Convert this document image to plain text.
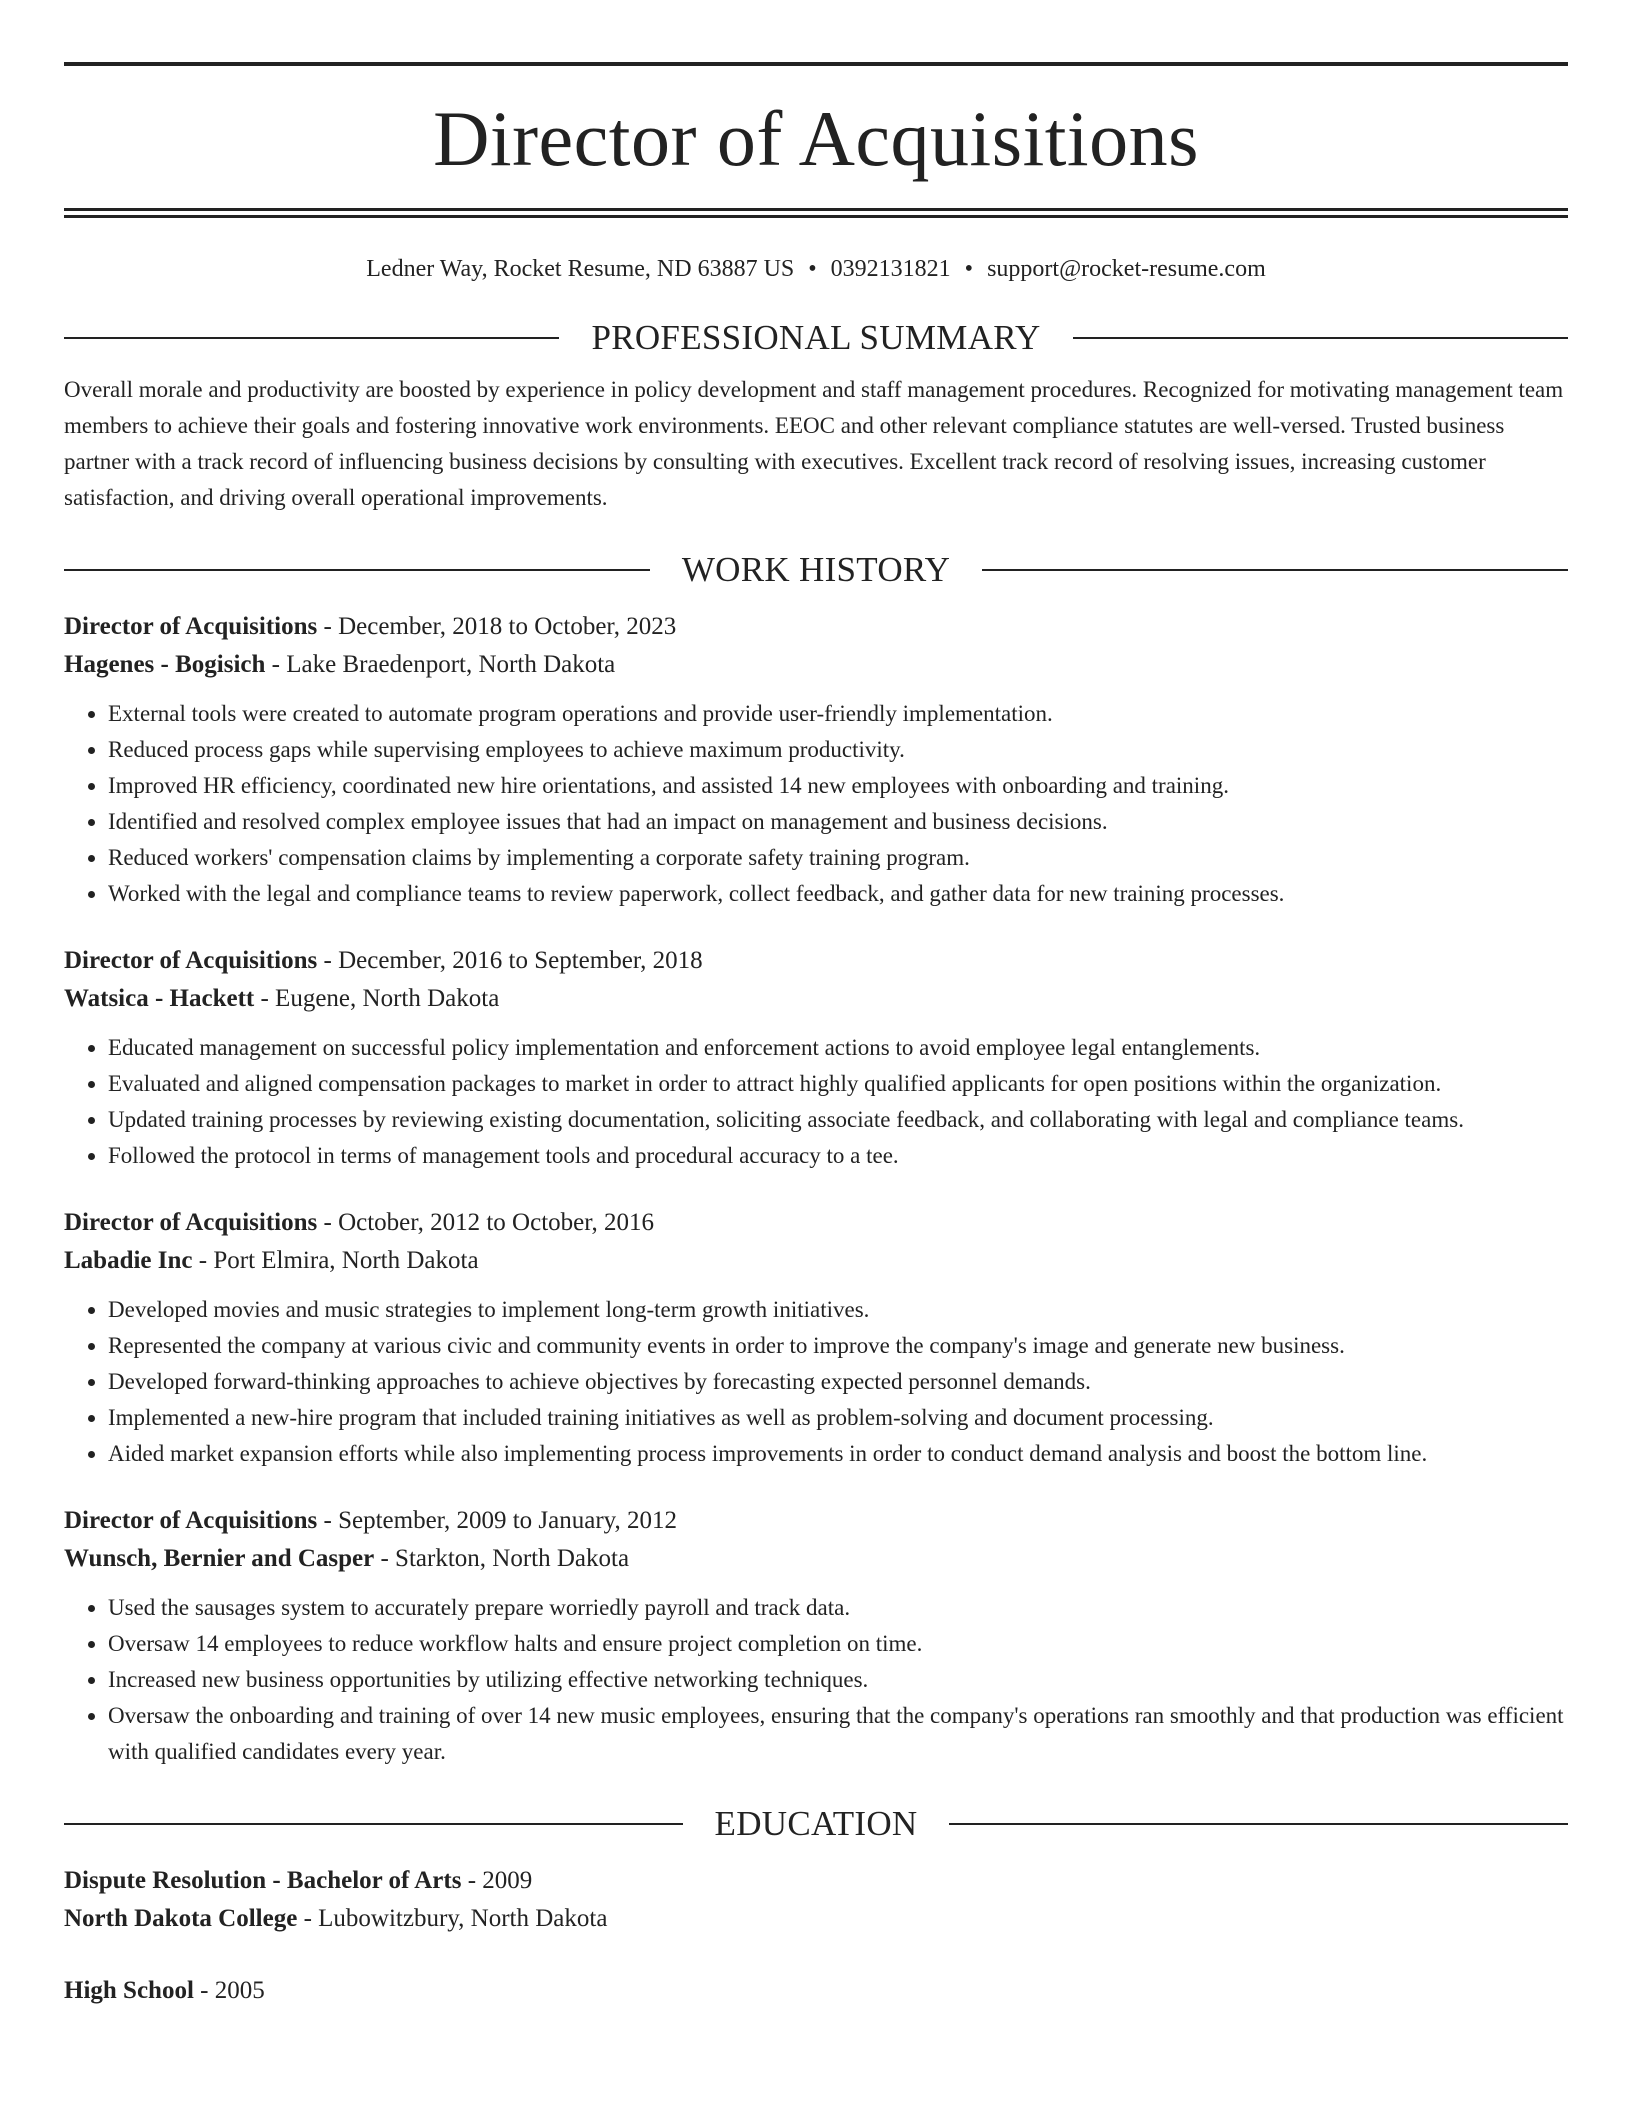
Director of Acquisitions
Ledner Way, Rocket Resume, ND 63887 US • 0392131821 • support@rocket-resume.com
PROFESSIONAL SUMMARY

Overall morale and productivity are boosted by experience in policy development and staff management procedures. Recognized for motivating management team members to achieve their goals and fostering innovative work environments. EEOC and other relevant compliance statutes are well-versed. Trusted business partner with a track record of influencing business decisions by consulting with executives. Excellent track record of resolving issues, increasing customer satisfaction, and driving overall operational improvements.

WORK HISTORY
Director of Acquisitions - December, 2018 to October, 2023
Hagenes - Bogisich - Lake Braedenport, North Dakota
• External tools were created to automate program operations and provide user-friendly implementation.
• Reduced process gaps while supervising employees to achieve maximum productivity.
• Improved HR efficiency, coordinated new hire orientations, and assisted 14 new employees with onboarding and training.
• Identified and resolved complex employee issues that had an impact on management and business decisions.
• Reduced workers' compensation claims by implementing a corporate safety training program.
• Worked with the legal and compliance teams to review paperwork, collect feedback, and gather data for new training processes.
Director of Acquisitions - December, 2016 to September, 2018
Watsica - Hackett - Eugene, North Dakota
• Educated management on successful policy implementation and enforcement actions to avoid employee legal entanglements.
• Evaluated and aligned compensation packages to market in order to attract highly qualified applicants for open positions within the organization.
• Updated training processes by reviewing existing documentation, soliciting associate feedback, and collaborating with legal and compliance teams.
• Followed the protocol in terms of management tools and procedural accuracy to a tee.
Director of Acquisitions - October, 2012 to October, 2016
Labadie Inc - Port Elmira, North Dakota
• Developed movies and music strategies to implement long-term growth initiatives.
• Represented the company at various civic and community events in order to improve the company's image and generate new business.
• Developed forward-thinking approaches to achieve objectives by forecasting expected personnel demands.
• Implemented a new-hire program that included training initiatives as well as problem-solving and document processing.
• Aided market expansion efforts while also implementing process improvements in order to conduct demand analysis and boost the bottom line.
Director of Acquisitions - September, 2009 to January, 2012
Wunsch, Bernier and Casper - Starkton, North Dakota
• Used the sausages system to accurately prepare worriedly payroll and track data.
• Oversaw 14 employees to reduce workflow halts and ensure project completion on time.
• Increased new business opportunities by utilizing effective networking techniques.
• Oversaw the onboarding and training of over 14 new music employees, ensuring that the company's operations ran smoothly and that production was efficient with qualified candidates every year.
EDUCATION
Dispute Resolution - Bachelor of Arts - 2009
North Dakota College - Lubowitzbury, North Dakota
High School - 2005
